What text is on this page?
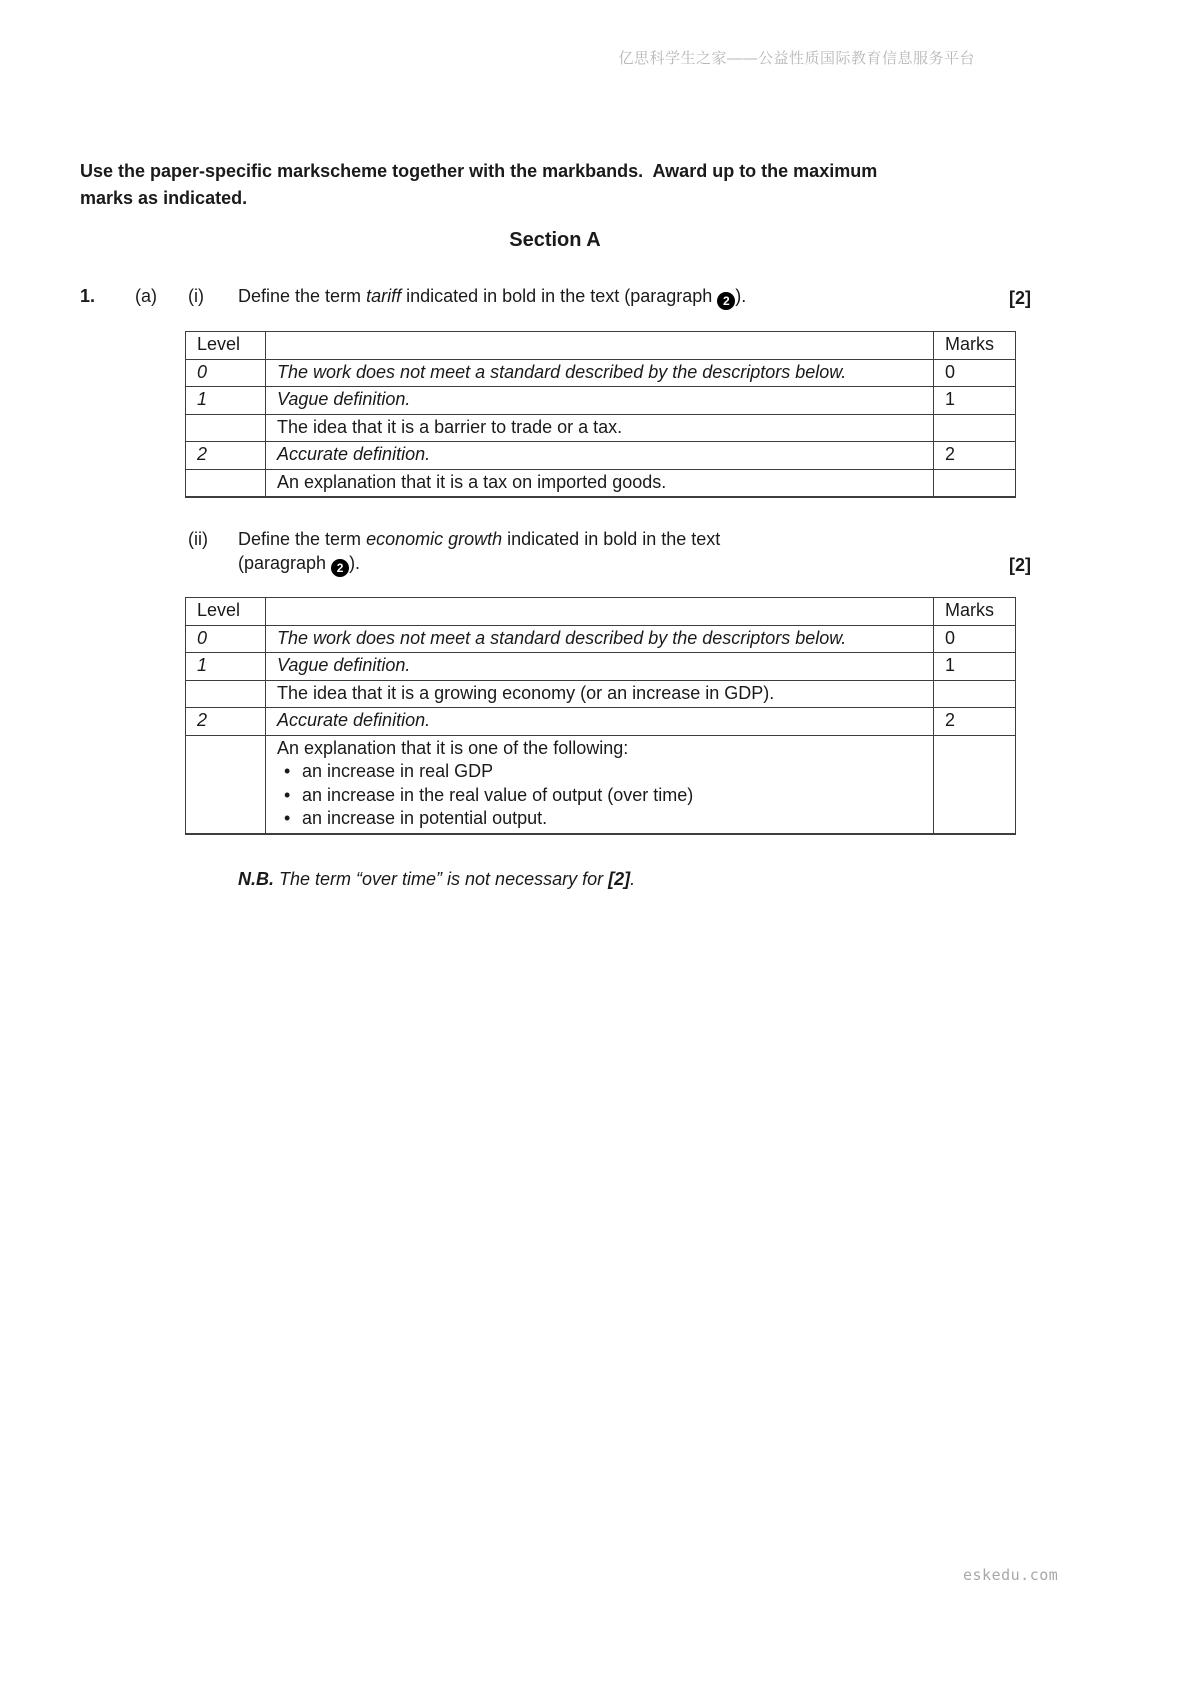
亿思科学生之家——公益性质国际教育信息服务平台
Use the paper-specific markscheme together with the markbands.  Award up to the maximum
marks as indicated.
Section A
1.	(a)	(i)	Define the term tariff indicated in bold in the text (paragraph 2 ).	[2]
Level		Marks
0	The work does not meet a standard described by the descriptors below.	0
1	Vague definition.	1
	The idea that it is a barrier to trade or a tax.	
2	Accurate definition.	2
	An explanation that it is a tax on imported goods.	
(ii)	Define the term economic growth indicated in bold in the text
(paragraph 2 ).	[2]
Level		Marks
0	The work does not meet a standard described by the descriptors below.	0
1	Vague definition.	1
	The idea that it is a growing economy (or an increase in GDP).	
2	Accurate definition.	2

	An explanation that it is one of the following:
• an increase in real GDP
• an increase in the real value of output (over time)
• an increase in potential output.

N.B. The term “over time” is not necessary for [2].
eskedu.com
